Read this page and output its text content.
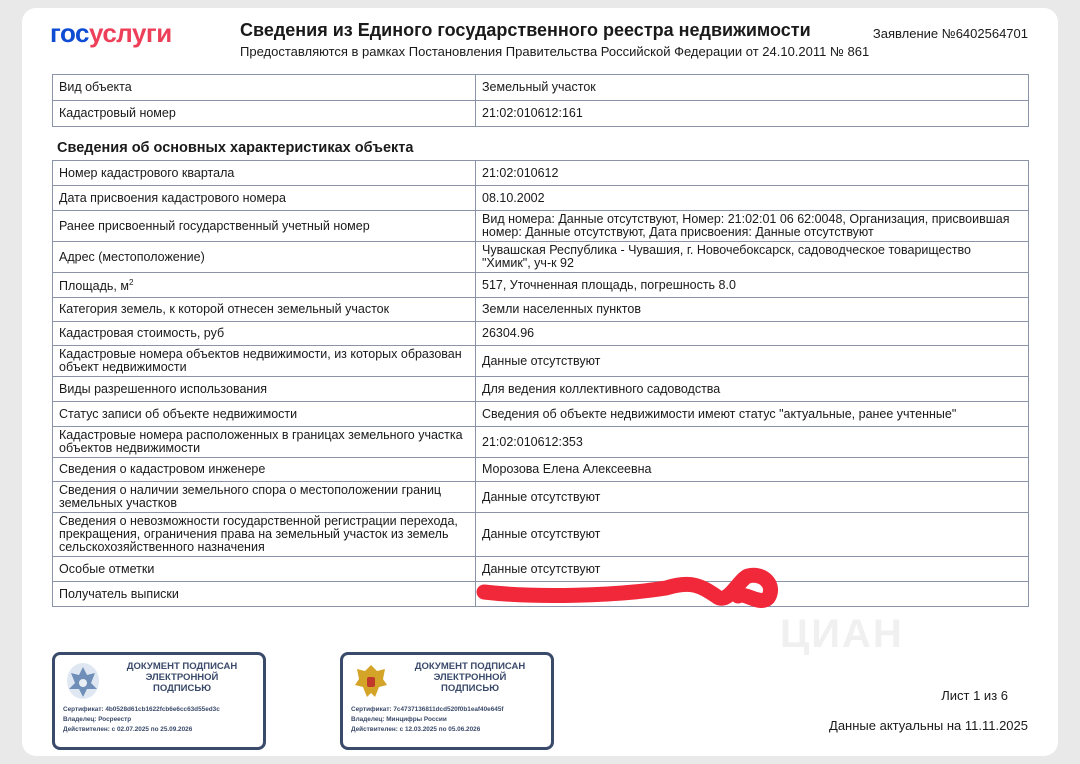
госуслуги	Сведения из Единого государственного реестра недвижимости
Предоставляются в рамках Постановления Правительства Российской Федерации от 24.10.2011 № 861
Заявление №6402564701
Вид объекта	Земельный участок
Кадастровый номер	21:02:010612:161
Сведения об основных характеристиках объекта
Номер кадастрового квартала	21:02:010612
Дата присвоения кадастрового номера	08.10.2002
Ранее присвоенный государственный учетный номер	Вид номера: Данные отсутствуют, Номер: 21:02:01 06 62:0048, Организация, присвоившая номер: Данные отсутствуют, Дата присвоения: Данные отсутствуют
Адрес (местоположение)	Чувашская Республика - Чувашия, г. Новочебоксарск, садоводческое товарищество "Химик", уч-к 92
Площадь, $м^2$	517, Уточненная площадь, погрешность 8.0
Категория земель, к которой отнесен земельный участок	Земли населенных пунктов
Кадастровая стоимость, руб	26304.96
Кадастровые номера объектов недвижимости, из которых образован объект недвижимости	Данные отсутствуют
Виды разрешенного использования	Для ведения коллективного садоводства
Статус записи об объекте недвижимости	Сведения об объекте недвижимости имеют статус "актуальные, ранее учтенные"
Кадастровые номера расположенных в границах земельного участка объектов недвижимости	21:02:010612:353
Сведения о кадастровом инженере	Морозова Елена Алексеевна
Сведения о наличии земельного спора о местоположении границ земельных участков	Данные отсутствуют
Сведения о невозможности государственной регистрации перехода, прекращения, ограничения права на земельный участок из земель сельскохозяйственного назначения	Данные отсутствуют
Особые отметки	Данные отсутствуют
Получатель выписки	
ЦИАН
ДОКУМЕНТ ПОДПИСАН
ЭЛЕКТРОННОЙ
ПОДПИСЬЮ
Сертификат: 4b0528d61cb1622fcb6e6cc63d55ed3c
Владелец: Росреестр
Действителен: с 02.07.2025 по 25.09.2026
ДОКУМЕНТ ПОДПИСАН
ЭЛЕКТРОННОЙ
ПОДПИСЬЮ
Сертификат: 7c4737136811dcd520f0b1eaf40e645f
Владелец: Минцифры России
Действителен: с 12.03.2025 по 05.06.2026
Лист 1 из 6
Данные актуальны на 11.11.2025
